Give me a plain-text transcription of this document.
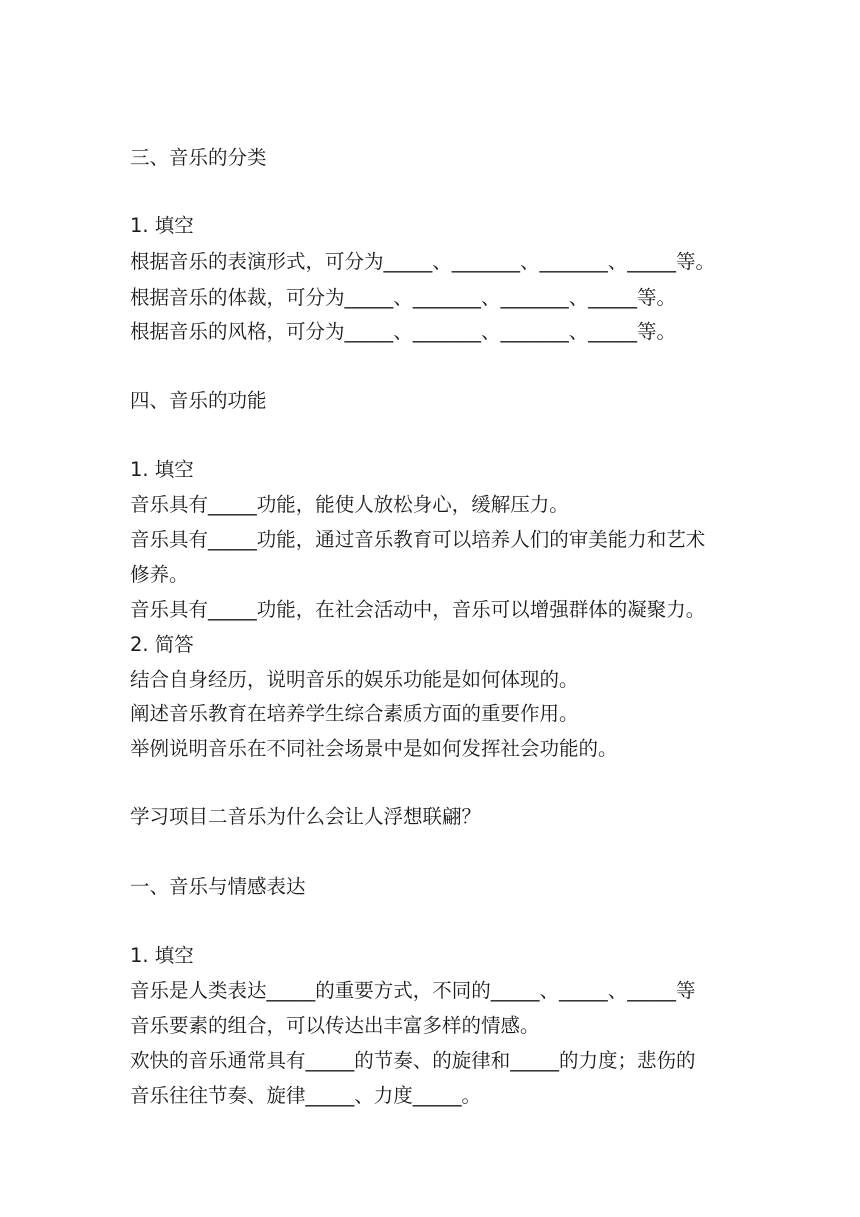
三、音乐的分类
1. 填空
根据音乐的表演形式，可分为_____、_______、_______、_____等。
根据音乐的体裁，可分为_____、_______、_______、_____等。
根据音乐的风格，可分为_____、_______、_______、_____等。
四、音乐的功能
1. 填空
音乐具有_____功能，能使人放松身心，缓解压力。
音乐具有_____功能，通过音乐教育可以培养人们的审美能力和艺术
修养。
音乐具有_____功能，在社会活动中，音乐可以增强群体的凝聚力。
2. 简答
结合自身经历，说明音乐的娱乐功能是如何体现的。
阐述音乐教育在培养学生综合素质方面的重要作用。
举例说明音乐在不同社会场景中是如何发挥社会功能的。
学习项目二音乐为什么会让人浮想联翩？
一、音乐与情感表达
1. 填空
音乐是人类表达_____的重要方式，不同的_____、_____、_____等
音乐要素的组合，可以传达出丰富多样的情感。
欢快的音乐通常具有_____的节奏、的旋律和_____的力度；悲伤的
音乐往往节奏、旋律_____、力度_____。
